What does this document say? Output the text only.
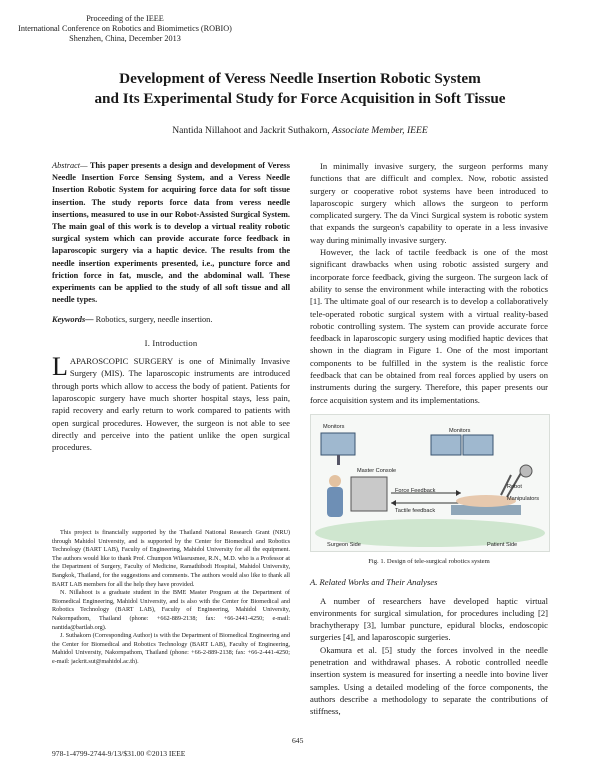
Proceeding of the IEEE
International Conference on Robotics and Biomimetics (ROBIO)
Shenzhen, China, December 2013
Development of Veress Needle Insertion Robotic System
and Its Experimental Study for Force Acquisition in Soft Tissue
Nantida Nillahoot and Jackrit Suthakorn, Associate Member, IEEE
Abstract— This paper presents a design and development of Veress Needle Insertion Force Sensing System, and a Veress Needle Insertion Robotic System for acquiring force data for soft tissue insertion. The study reports force data from veress needle insertions, measured to use in our Robot-Assisted Surgical System. The main goal of this work is to develop a virtual reality robotic surgical system which can provide accurate force feedback in laparoscopic surgery via a haptic device. The results from the needle insertion experiments presented, i.e., puncture force and friction force in fat, muscle, and the abdominal wall. These experiments can be applied to the study of all soft tissue and all needle types.
Keywords— Robotics, surgery, needle insertion.
I. Introduction

LAPAROSCOPIC SURGERY is one of Minimally Invasive Surgery (MIS). The laparoscopic instruments are introduced through ports which allow to access the body of patient. Patients for laparoscopic surgery have much shorter hospital stays, less pain, rapid recovery and early return to work compared to patients with open surgical procedures. However, the surgeon is not able to see directly and perceive into the patient unlike the open surgical procedures.

This project is financially supported by the Thailand National Research Grant (NRU) through Mahidol University, and is supported by the Center for Biomedical and Robotics Technology (BART LAB), Faculty of Engineering, Mahidol University for all the equipment. The authors would like to thank Prof. Chumpon Wilasrusmee, R.N., M.D. who is a Professor at the Department of Surgery, Faculty of Medicine, Ramathibodi Hospital, Mahidol University, Bangkok, Thailand, for the suggestions and comments. The authors would also like to thank all BART LAB members for all the help they have provided.

N. Nillahoot is a graduate student in the BME Master Program at the Department of Biomedical Engineering, Mahidol University, and is also with the Center for Biomedical and Robotics Technology (BART LAB), Faculty of Engineering, Mahidol University, Nakornpathom, Thailand (phone: +662-889-2138; fax: +66-2441-4250; e-mail: nantida@bartlab.org).

J. Suthakorn (Corresponding Author) is with the Department of Biomedical Engineering and the Center for Biomedical and Robotics Technology (BART LAB), Faculty of Engineering, Mahidol University, Nakornpathom, Thailand (phone: +66-2-889-2138; fax: +66-2-441-4250; e-mail: jackrit.sut@mahidol.ac.th).

In minimally invasive surgery, the surgeon performs many functions that are difficult and complex. Now, robotic assisted surgery or cooperative robot systems have been introduced to laparoscopic surgery which allows the surgeon to perform complicated surgery. The da Vinci Surgical system is robotic system that expands the surgeon's capability to operate in a less invasive way during minimally invasive surgery.

However, the lack of tactile feedback is one of the most significant drawbacks when using robotic assisted surgery and incorporate force feedback, giving the surgeon. The surgeon lack of ability to sense the environment while interacting with the robotics [1]. The ultimate goal of our research is to develop a collaboratively tele-operated robotic surgical system with a virtual reality-based robotic controlling system. The system can provide accurate force feedback in laparoscopic surgery using modified haptic devices that shown in the diagram in Figure 1. One of the most important components to be fulfilled in the system is the realistic force feedback that can be obtained from real forces applied by users on instruments during the surgery. Therefore, this paper presents our force acquisition system and its implementations.

Monitors
Monitors
Master Console
Force Feedback
Tactile feedback
Robot Manipulators
Surgeon Side	Patient Side
Fig. 1. Design of tele-surgical robotics system
A. Related Works and Their Analyses

A number of researchers have developed haptic virtual environments for surgical simulation, for procedures including [2] brachytherapy [3], lumbar puncture, epidural blocks, endoscopic surgeries [4], and laparoscopic surgeries.

Okamura et al. [5] study the forces involved in the needle penetration and withdrawal phases. A robotic controlled needle insertion system is measured for inserting a needle into bovine liver samples. Using a detailed modeling of the force components, the authors describe a methodology to separate the contributions of stiffness,

645
978-1-4799-2744-9/13/$31.00 ©2013 IEEE
